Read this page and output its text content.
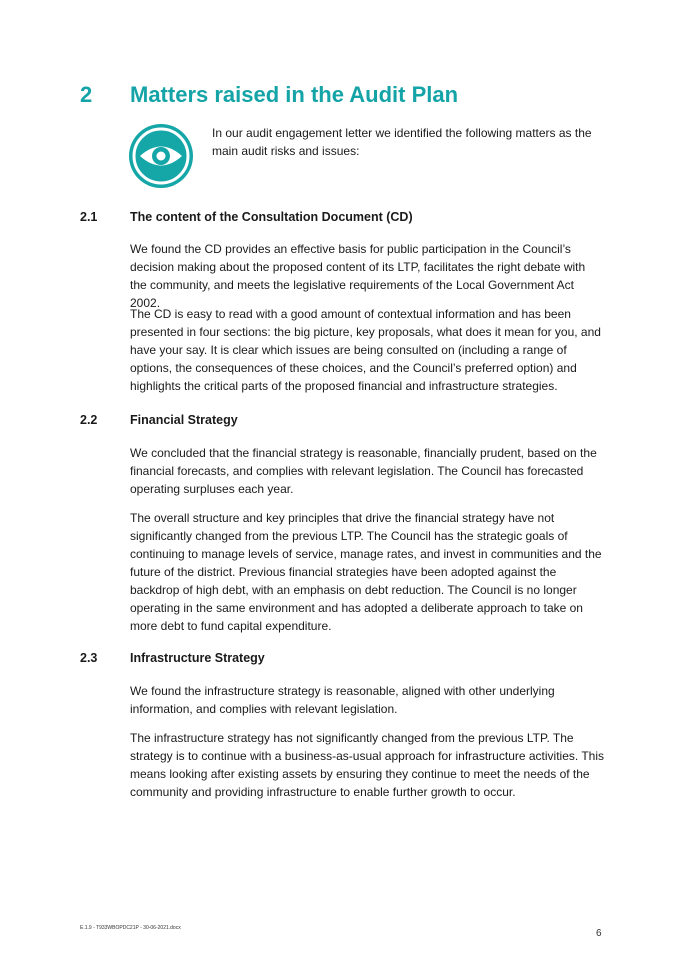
2 Matters raised in the Audit Plan

In our audit engagement letter we identified the following matters as the main audit risks and issues:

2.1	The content of the Consultation Document (CD)

We found the CD provides an effective basis for public participation in the Council’s decision making about the proposed content of its LTP, facilitates the right debate with the community, and meets the legislative requirements of the Local Government Act 2002.

The CD is easy to read with a good amount of contextual information and has been presented in four sections: the big picture, key proposals, what does it mean for you, and have your say. It is clear which issues are being consulted on (including a range of options, the consequences of these choices, and the Council’s preferred option) and highlights the critical parts of the proposed financial and infrastructure strategies.

2.2	Financial Strategy

We concluded that the financial strategy is reasonable, financially prudent, based on the financial forecasts, and complies with relevant legislation. The Council has forecasted operating surpluses each year.

The overall structure and key principles that drive the financial strategy have not significantly changed from the previous LTP. The Council has the strategic goals of continuing to manage levels of service, manage rates, and invest in communities and the future of the district. Previous financial strategies have been adopted against the backdrop of high debt, with an emphasis on debt reduction. The Council is no longer operating in the same environment and has adopted a deliberate approach to take on more debt to fund capital expenditure.

2.3	Infrastructure Strategy

We found the infrastructure strategy is reasonable, aligned with other underlying information, and complies with relevant legislation.

The infrastructure strategy has not significantly changed from the previous LTP. The strategy is to continue with a business-as-usual approach for infrastructure activities. This means looking after existing assets by ensuring they continue to meet the needs of the community and providing infrastructure to enable further growth to occur.

E.1.9 - T933WBOPDC21P - 30-06-2021.docx	6
